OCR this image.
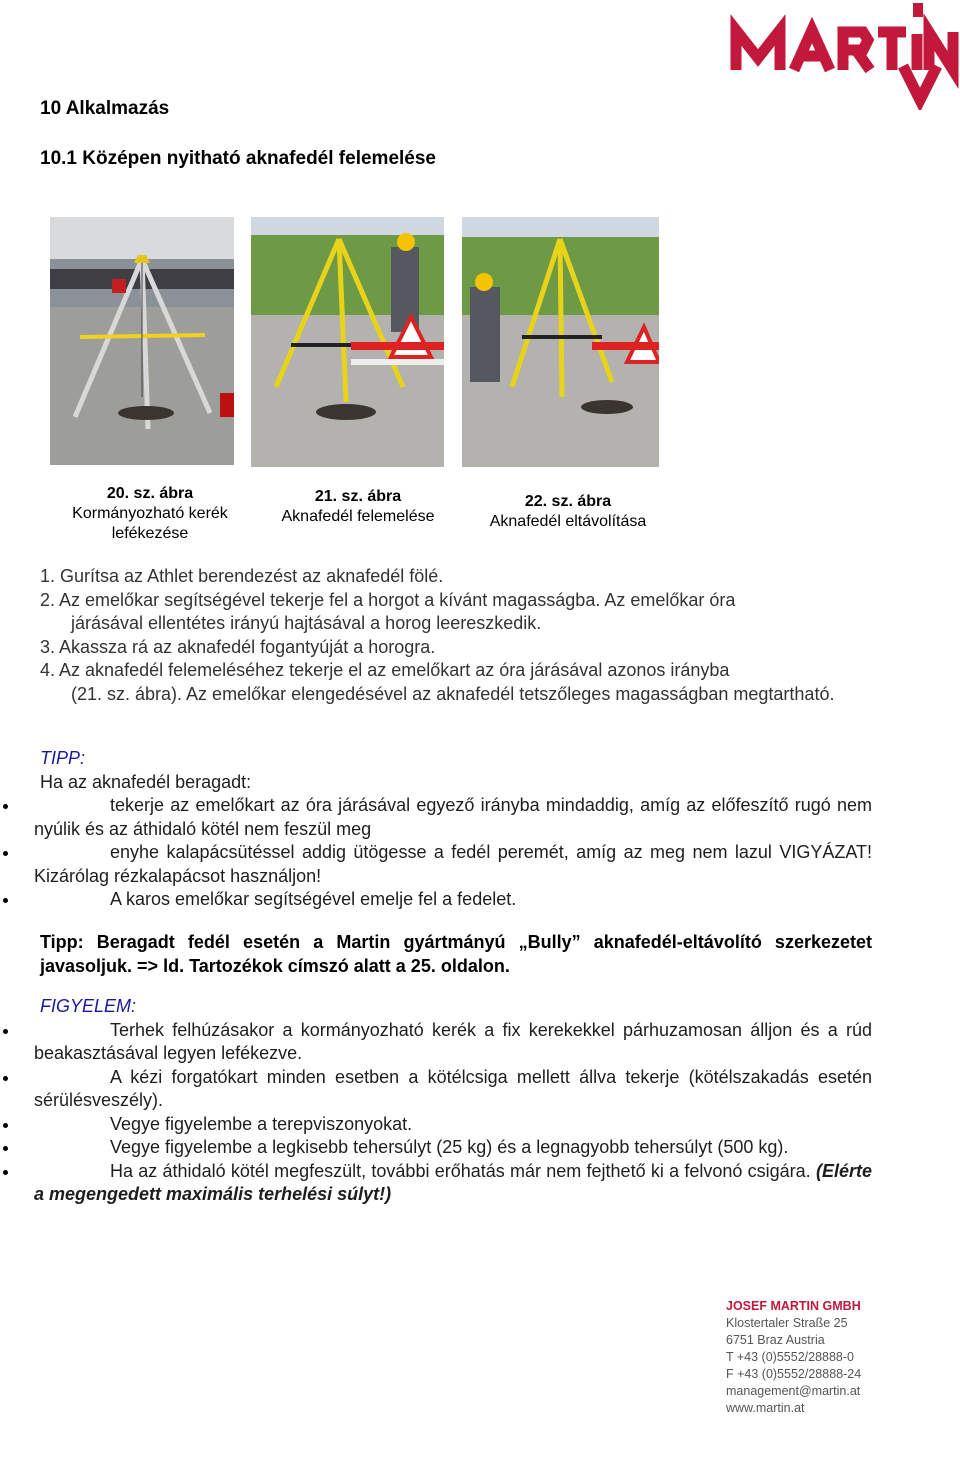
10 Alkalmazás
10.1 Középen nyitható aknafedél felemelése
20. sz. ábra
Kormányozható kerék
lefékezése
21. sz. ábra
Aknafedél felemelése
22. sz. ábra
Aknafedél eltávolítása
1. Gurítsa az Athlet berendezést az aknafedél fölé.
2. Az emelőkar segítségével tekerje fel a horgot a kívánt magasságba. Az emelőkar óra
járásával ellentétes irányú hajtásával a horog leereszkedik.
3. Akassza rá az aknafedél fogantyúját a horogra.
4. Az aknafedél felemeléséhez tekerje el az emelőkart az óra járásával azonos irányba
(21. sz. ábra). Az emelőkar elengedésével az aknafedél tetszőleges magasságban megtartható.
TIPP:
Ha az aknafedél beragadt:
tekerje az emelőkart az óra járásával egyező irányba mindaddig, amíg az előfeszítő rugó nem nyúlik és az áthidaló kötél nem feszül meg
enyhe kalapácsütéssel addig ütögesse a fedél peremét, amíg az meg nem lazul VIGYÁZAT! Kizárólag rézkalapácsot használjon!
A karos emelőkar segítségével emelje fel a fedelet.
Tipp: Beragadt fedél esetén a Martin gyártmányú „Bully” aknafedél-eltávolító szerkezetet javasoljuk. => ld. Tartozékok címszó alatt a 25. oldalon.
FIGYELEM:
Terhek felhúzásakor a kormányozható kerék a fix kerekekkel párhuzamosan álljon és a rúd beakasztásával legyen lefékezve.
A kézi forgatókart minden esetben a kötélcsiga mellett állva tekerje (kötélszakadás esetén sérülésveszély).
Vegye figyelembe a terepviszonyokat.
Vegye figyelembe a legkisebb tehersúlyt (25 kg) és a legnagyobb tehersúlyt (500 kg).
Ha az áthidaló kötél megfeszült, további erőhatás már nem fejthető ki a felvonó csigára. (Elérte a megengedett maximális terhelési súlyt!)
JOSEF MARTIN GMBH
Klostertaler Straße 25
6751 Braz Austria
T +43 (0)5552/28888-0
F +43 (0)5552/28888-24
management@martin.at
www.martin.at
